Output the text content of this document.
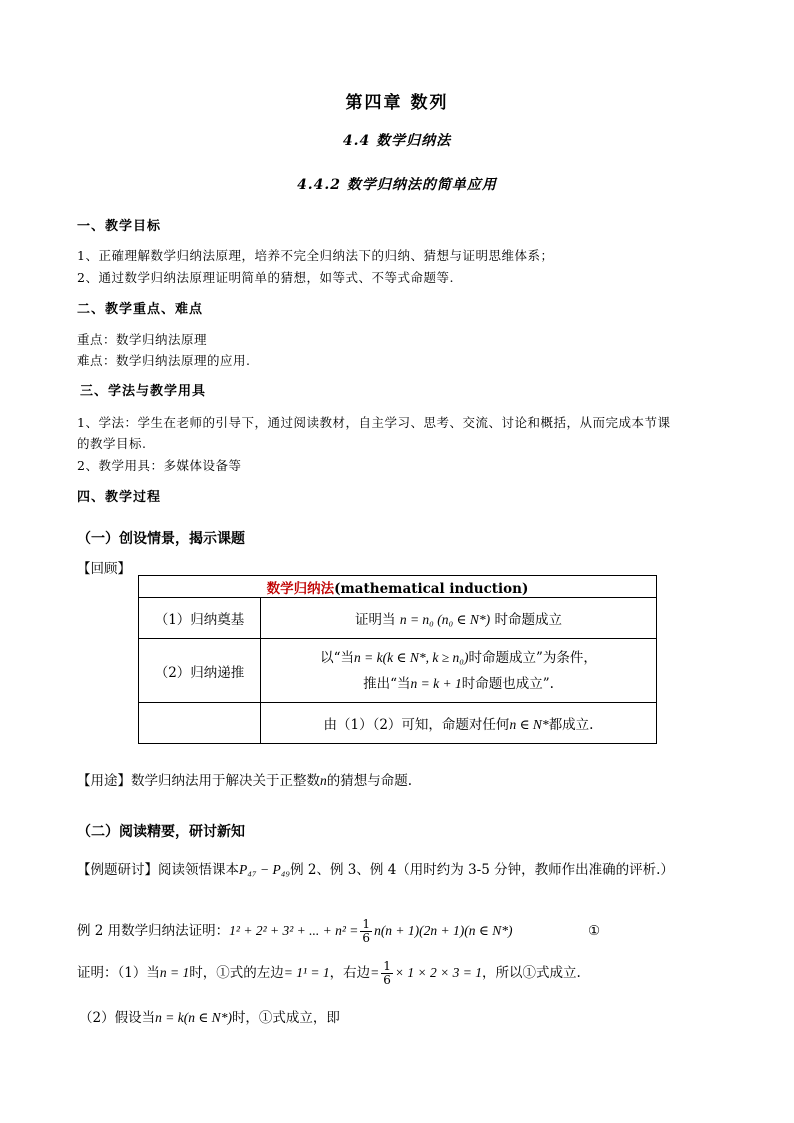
第四章 数列
4.4 数学归纳法
4.4.2 数学归纳法的简单应用
一、教学目标
1、正確理解数学归纳法原理，培养不完全归纳法下的归纳、猜想与证明思维体系；
2、通过数学归纳法原理证明简单的猜想，如等式、不等式命题等.
二、教学重点、难点
重点：数学归纳法原理
难点：数学归纳法原理的应用.
三、学法与教学用具
1、学法：学生在老师的引导下，通过阅读教材，自主学习、思考、交流、讨论和概括，从而完成本节课
的教学目标.
2、教学用具：多媒体设备等
四、教学过程
（一）创设情景，揭示课题
【回顾】
数学归纳法(mathematical induction)	
（1）归纳奠基	证明当 n = n₀ (n₀ ∈ N*) 时命题成立
（2）归纳递推	以“当n = k(k ∈ N*, k ≥ n₀)时命题成立”为条件，
推出“当n = k + 1时命题也成立”.

	由（1）（2）可知，命题对任何n ∈ N*都成立.
【用途】数学归纳法用于解决关于正整数n的猜想与命题.
（二）阅读精要，研讨新知
【例题研讨】阅读领悟课本P₄₇ − P₄₉例 2、例 3、例 4（用时约为 3-5 分钟，教师作出准确的评析.）
例 2 用数学归纳法证明：1² + 2² + 3² + ... + $n^2 = \frac{1}{6} n(n + 1)(2n + 1)(n$ ∈ N*)	①
证明：（1）当n = 1时，①式的左边= 1¹ = 1，右边= $\frac{1}{6} \times 1 \times 2 \times 3 = 1$，所以①式成立.
（2）假设当n = k(n ∈ N*)时，①式成立，即
